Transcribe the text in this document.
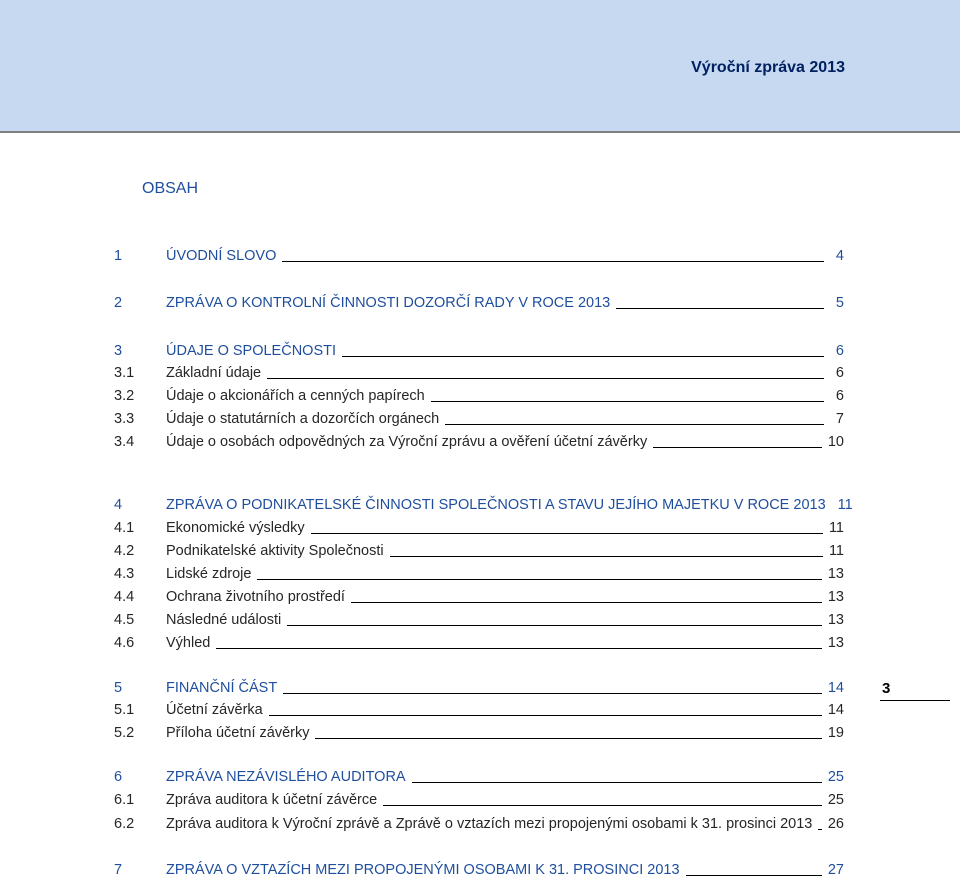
Výroční zpráva 2013
OBSAH
1	ÚVODNÍ SLOVO	4
2	ZPRÁVA O KONTROLNÍ ČINNOSTI DOZORČÍ RADY V ROCE 2013	5
3	ÚDAJE O SPOLEČNOSTI	6
3.1	Základní údaje	6
3.2	Údaje o akcionářích a cenných papírech	6
3.3	Údaje o statutárních a dozorčích orgánech	7
3.4	Údaje o osobách odpovědných za Výroční zprávu a ověření účetní závěrky	10
4	ZPRÁVA O PODNIKATELSKÉ ČINNOSTI SPOLEČNOSTI A STAVU JEJÍHO MAJETKU V ROCE 2013 11
4.1	Ekonomické výsledky	11
4.2	Podnikatelské aktivity Společnosti	11
4.3	Lidské zdroje	13
4.4	Ochrana životního prostředí	13
4.5	Následné události	13
4.6	Výhled	13
5	FINANČNÍ ČÁST	14
5.1	Účetní závěrka	14
5.2	Příloha účetní závěrky	19
6	ZPRÁVA NEZÁVISLÉHO AUDITORA	25
6.1	Zpráva auditora k účetní závěrce	25
6.2	Zpráva auditora k Výroční zprávě a Zprávě o vztazích mezi propojenými osobami k 31. prosinci 2013 26
7	ZPRÁVA O VZTAZÍCH MEZI PROPOJENÝMI OSOBAMI K 31. PROSINCI 2013	27
3
